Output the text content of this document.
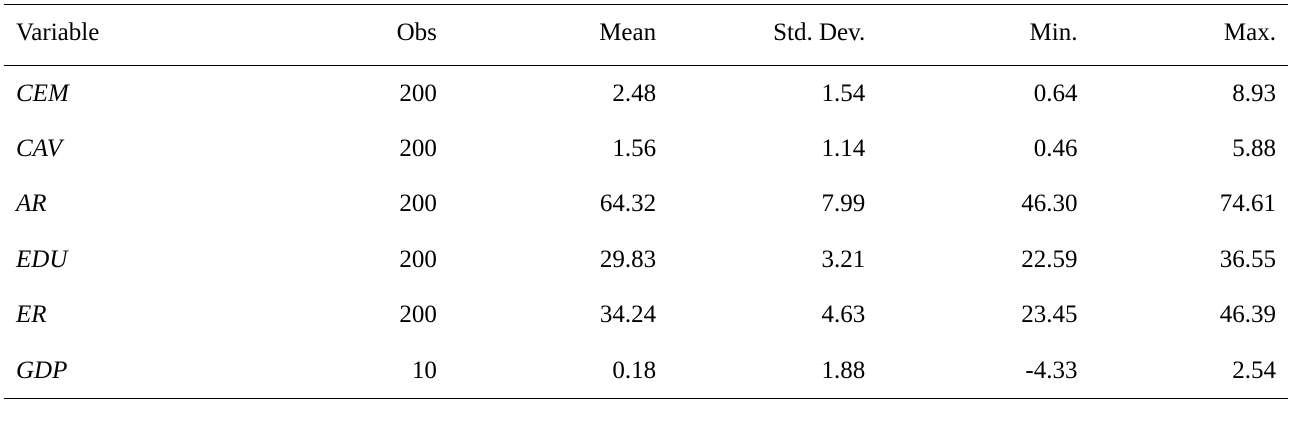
Variable	Obs	Mean	Std. Dev.	Min.	Max.
CEM	200	2.48	1.54	0.64	8.93
CAV	200	1.56	1.14	0.46	5.88
AR	200	64.32	7.99	46.30	74.61
EDU	200	29.83	3.21	22.59	36.55
ER	200	34.24	4.63	23.45	46.39
GDP	10	0.18	1.88	-4.33	2.54
